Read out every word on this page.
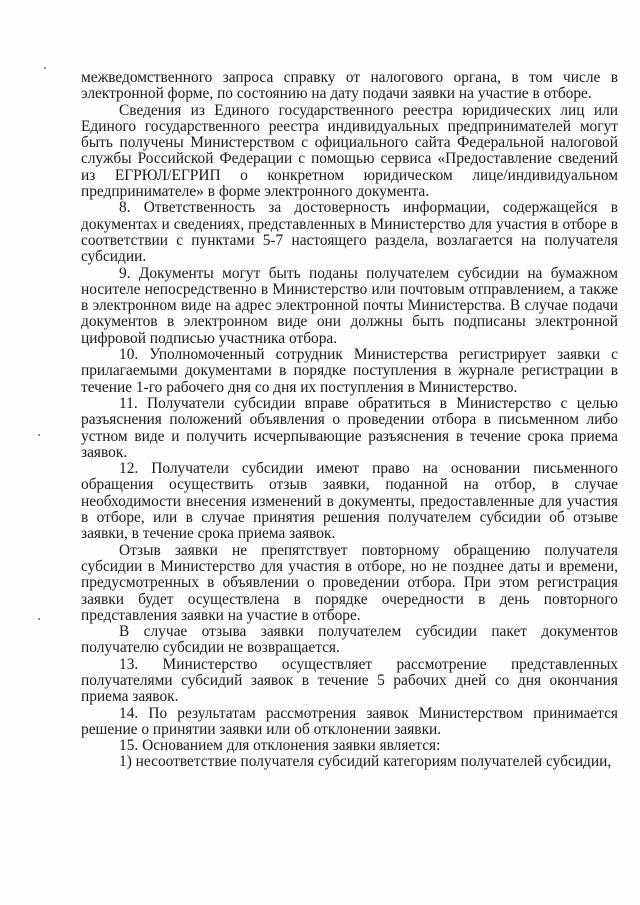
межведомственного запроса справку от налогового органа, в том числе в электронной форме, по состоянию на дату подачи заявки на участие в отборе.

Сведения из Единого государственного реестра юридических лиц или Единого государственного реестра индивидуальных предпринимателей могут быть получены Министерством с официального сайта Федеральной налоговой службы Российской Федерации с помощью сервиса «Предоставление сведений из ЕГРЮЛ/ЕГРИП о конкретном юридическом лице/индивидуальном предпринимателе» в форме электронного документа.

8. Ответственность за достоверность информации, содержащейся в документах и сведениях, представленных в Министерство для участия в отборе в соответствии с пунктами 5-7 настоящего раздела, возлагается на получателя субсидии.

9. Документы могут быть поданы получателем субсидии на бумажном носителе непосредственно в Министерство или почтовым отправлением, а также в электронном виде на адрес электронной почты Министерства. В случае подачи документов в электронном виде они должны быть подписаны электронной цифровой подписью участника отбора.

10. Уполномоченный сотрудник Министерства регистрирует заявки с прилагаемыми документами в порядке поступления в журнале регистрации в течение 1-го рабочего дня со дня их поступления в Министерство.

11. Получатели субсидии вправе обратиться в Министерство с целью разъяснения положений объявления о проведении отбора в письменном либо устном виде и получить исчерпывающие разъяснения в течение срока приема заявок.

12. Получатели субсидии имеют право на основании письменного обращения осуществить отзыв заявки, поданной на отбор, в случае необходимости внесения изменений в документы, предоставленные для участия в отборе, или в случае принятия решения получателем субсидии об отзыве заявки, в течение срока приема заявок.

Отзыв заявки не препятствует повторному обращению получателя субсидии в Министерство для участия в отборе, но не позднее даты и времени, предусмотренных в объявлении о проведении отбора. При этом регистрация заявки будет осуществлена в порядке очередности в день повторного представления заявки на участие в отборе.

В случае отзыва заявки получателем субсидии пакет документов получателю субсидии не возвращается.

13. Министерство осуществляет рассмотрение представленных получателями субсидий заявок в течение 5 рабочих дней со дня окончания приема заявок.

14. По результатам рассмотрения заявок Министерством принимается решение о принятии заявки или об отклонении заявки.

15. Основанием для отклонения заявки является:

1) несоответствие получателя субсидий категориям получателей субсидии,
